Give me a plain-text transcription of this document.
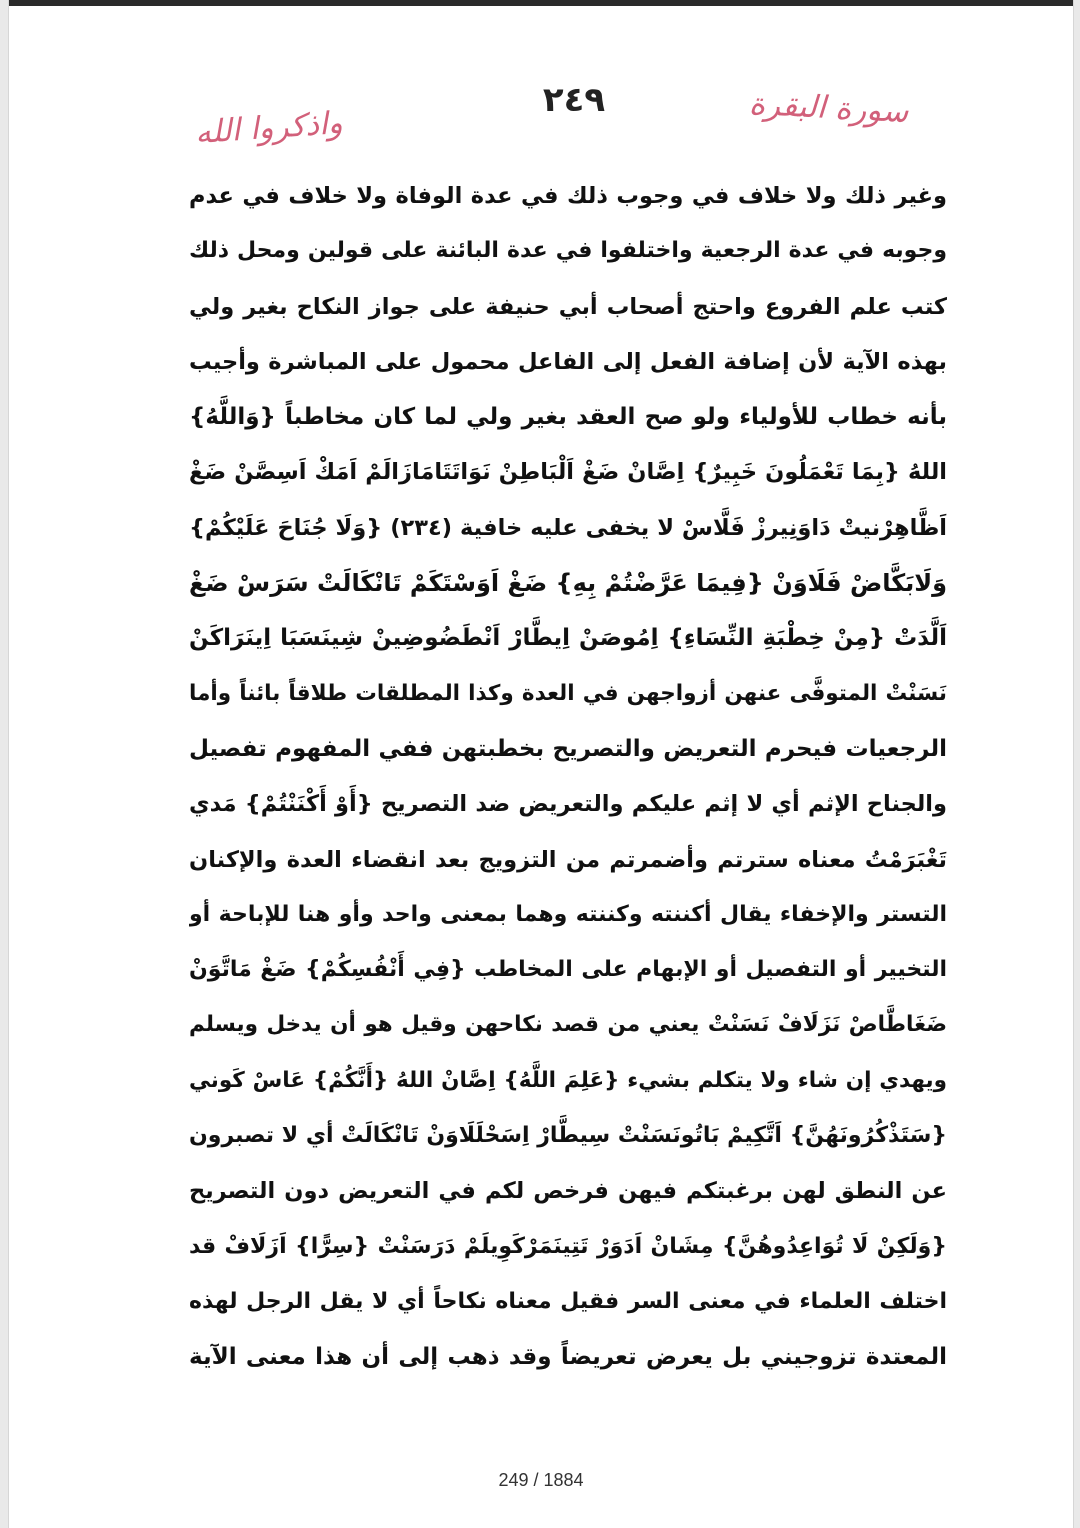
واذكروا الله
٢٤٩	سورة البقرة
وغير ذلك ولا خلاف في وجوب ذلك في عدة الوفاة ولا خلاف في عدم
وجوبه في عدة الرجعية واختلفوا في عدة البائنة على قولين ومحل ذلك
كتب علم الفروع واحتج أصحاب أبي حنيفة على جواز النكاح بغير ولي
بهذه الآية لأن إضافة الفعل إلى الفاعل محمول على المباشرة وأجيب
بأنه خطاب للأولياء ولو صح العقد بغير ولي لما كان مخاطباً {وَاللَّهُ}
اللهُ {بِمَا تَعْمَلُونَ خَبِيرٌ} اِصَّانْ ضَغْ اَلْبَاطِنْ نَوَاتَتَامَازَالَمْ اَمَكْ اَسِصَّنْ ضَغْ
اَظَّاهِرْنيتْ دَاوَنِيرزْ فَلَّاسْ لا يخفى عليه خافية (٢٣٤) {وَلَا جُنَاحَ عَلَيْكُمْ}
وَلَابَكَّاضْ فَلَاوَنْ {فِيمَا عَرَّضْتُمْ بِهِ} ضَغْ اَوَسْتَكَمْ تَانْكَالَتْ سَرَسْ ضَغْ
اَلَّدَتْ {مِنْ خِطْبَةِ النِّسَاءِ} اِمُوصَنْ اِيطَّارْ اَنْطَضُوضِينْ شِينَسَبَا اِينَرَاكَنْ
نَسَنْتْ المتوفَّى عنهن أزواجهن في العدة وكذا المطلقات طلاقاً بائناً وأما
الرجعيات فيحرم التعريض والتصريح بخطبتهن ففي المفهوم تفصيل
والجناح الإثم أي لا إثم عليكم والتعريض ضد التصريح {أَوْ أَكْنَنْتُمْ} مَدي
تَغْبَرَمْتُ معناه سترتم وأضمرتم من التزويج بعد انقضاء العدة والإكنان
التستر والإخفاء يقال أكننته وكننته وهما بمعنى واحد وأو هنا للإباحة أو
التخيير أو التفصيل أو الإبهام على المخاطب {فِي أَنْفُسِكُمْ} ضَغْ مَاتَّوَنْ
ضَغَاطَّاصْ نَزَلَافْ نَسَنْتْ يعني من قصد نكاحهن وقيل هو أن يدخل ويسلم
ويهدي إن شاء ولا يتكلم بشيء {عَلِمَ اللَّهُ} اِصَّانْ اللهُ {أَنَّكُمْ} عَاسْ كَوني
{سَتَذْكُرُونَهُنَّ} اَتَّكِيمْ بَاتُونَسَنْتْ سِيطَّارْ اِسَحْلَلَاوَنْ تَانْكَالَتْ أي لا تصبرون
عن النطق لهن برغبتكم فيهن فرخص لكم في التعريض دون التصريح
{وَلَكِنْ لَا تُوَاعِدُوهُنَّ} مِشَانْ اَدَوَرْ تَتِينَمَرْكَوِيلَمْ دَرَسَنْتْ {سِرًّا} اَزَلَافْ قد
اختلف العلماء في معنى السر فقيل معناه نكاحاً أي لا يقل الرجل لهذه
المعتدة تزوجيني بل يعرض تعريضاً وقد ذهب إلى أن هذا معنى الآية
249 / 1884
